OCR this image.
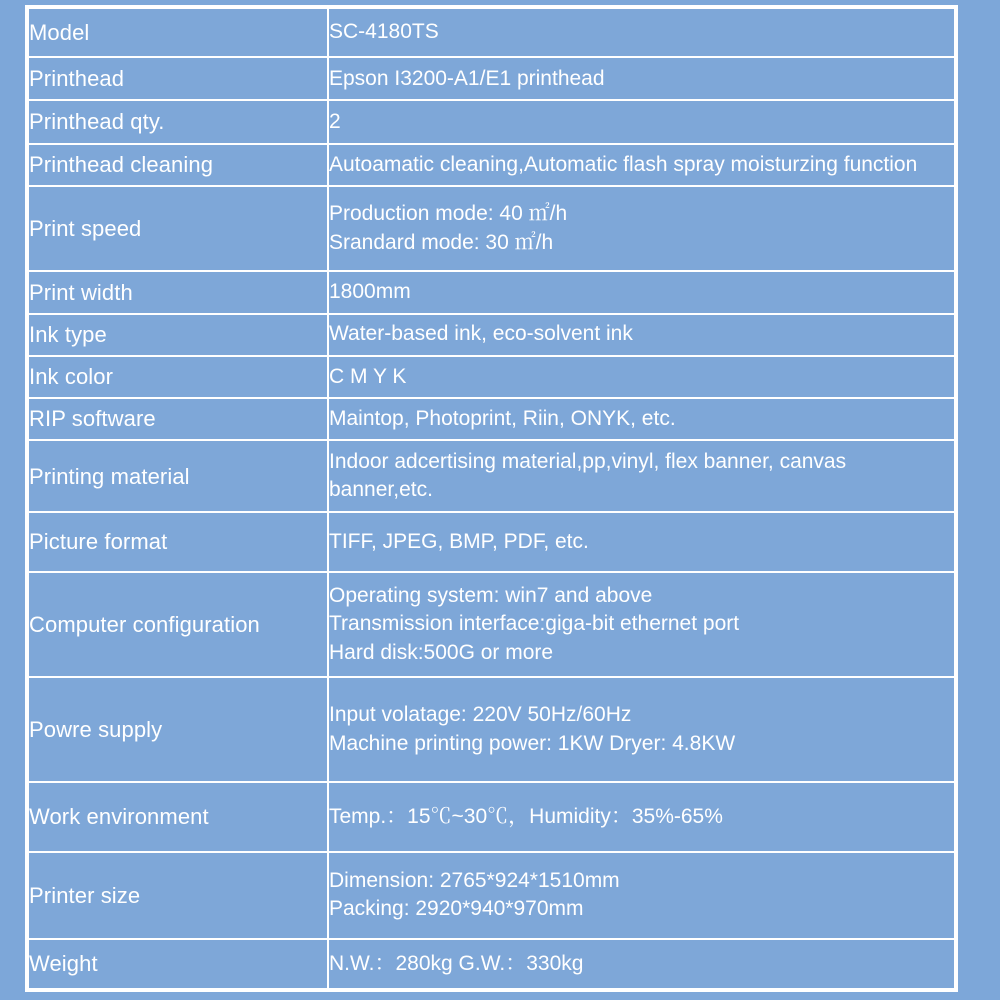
Model	SC-4180TS

Printhead	Epson I3200-A1/E1 printhead

Printhead qty.	2

Printhead cleaning	Autoamatic cleaning,Automatic flash spray moisturzing function

Print speed	Production mode: 40 ㎡/h
Srandard mode: 30 ㎡/h

Print width	1800mm

Ink type	Water-based ink, eco-solvent ink

Ink color	C M Y K

RIP software	Maintop, Photoprint, Riin, ONYK, etc.

Printing material	Indoor adcertising material,pp,vinyl, flex banner, canvas banner,etc.

Picture format	TIFF, JPEG, BMP, PDF, etc.

Computer configuration	Operating system: win7 and above
Transmission interface:giga-bit ethernet port
Hard disk:500G or more

Powre supply	Input volatage: 220V 50Hz/60Hz
Machine printing power: 1KW Dryer: 4.8KW

Work environment	Temp.：15℃~30℃，Humidity：35%-65%

Printer size	Dimension: 2765*924*1510mm
Packing: 2920*940*970mm

Weight	N.W.：280kg G.W.：330kg
